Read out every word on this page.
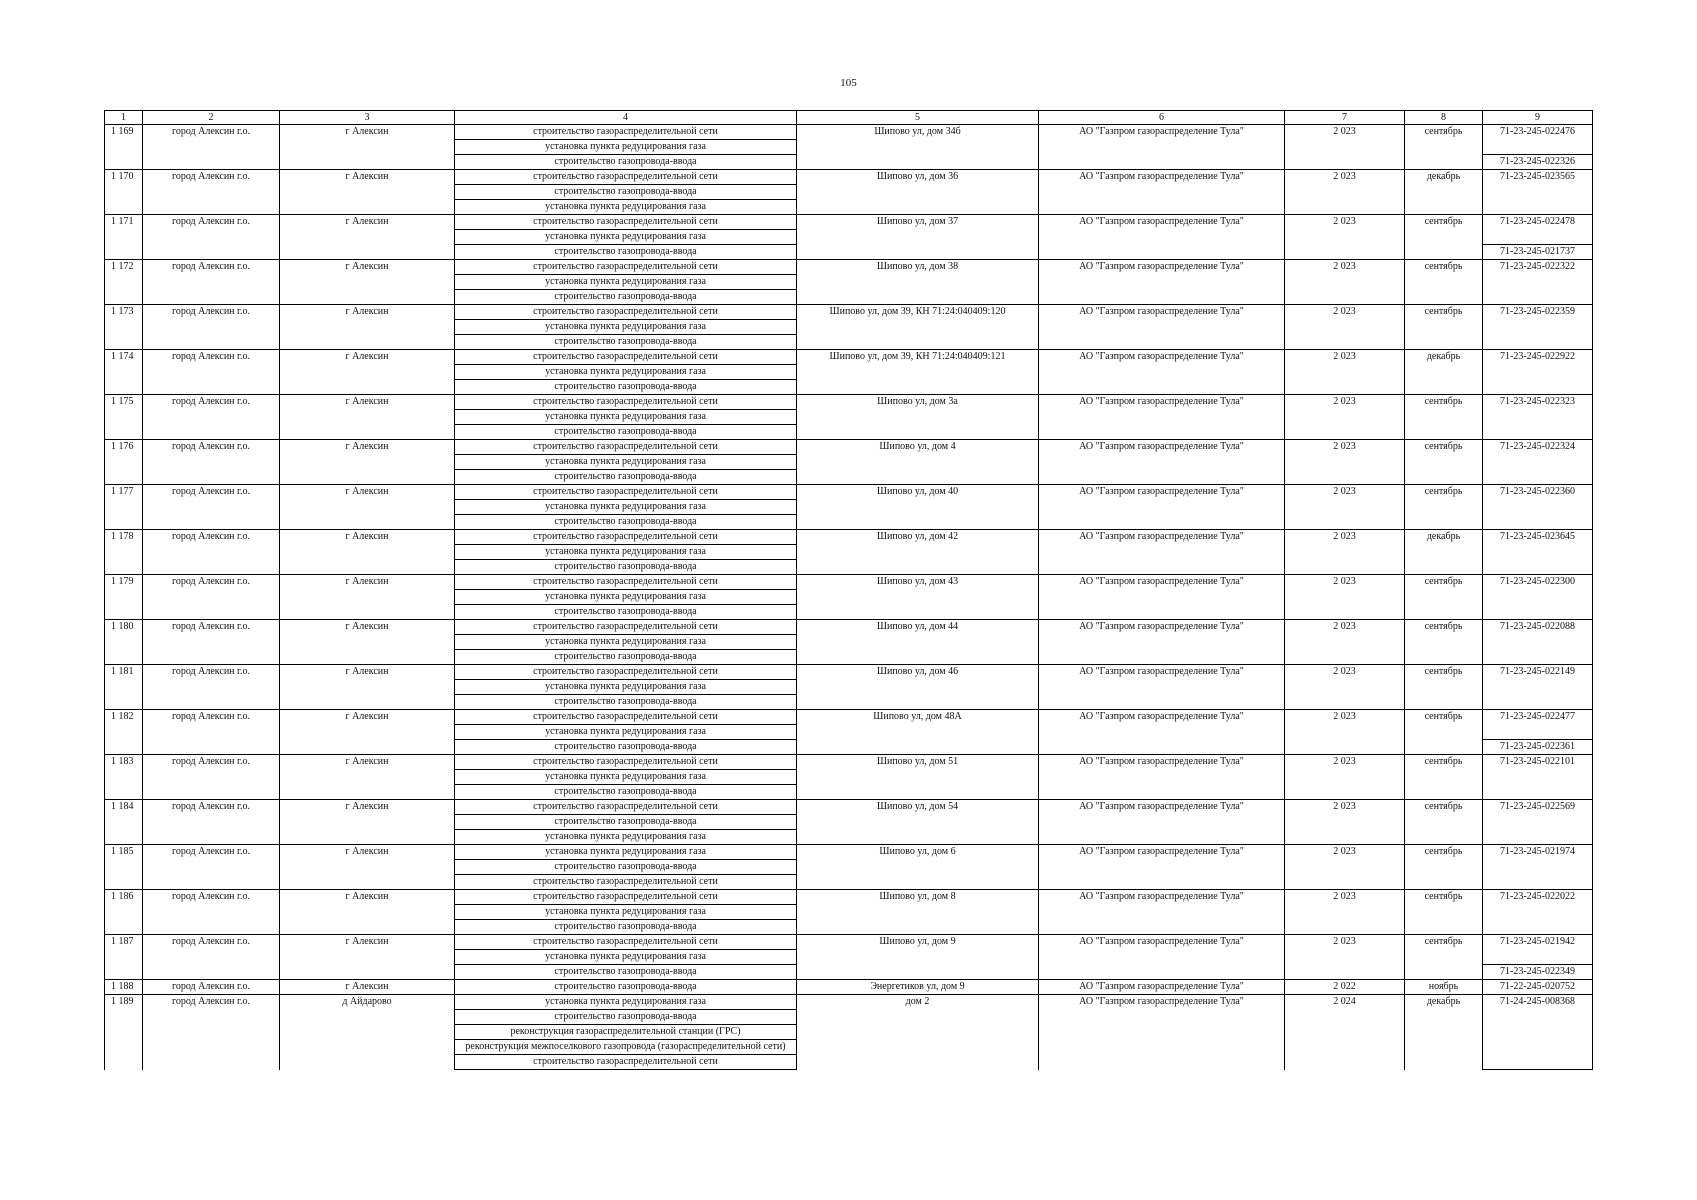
105
1	2	3	4	5	6	7	8	9
1 169	город Алексин г.о.	г Алексин	строительство газораспределительной сети	Шипово ул, дом 34б	АО "Газпром газораспределение Тула"	2 023	сентябрь	71-23-245-022476
			установка пункта редуцирования газа					
			строительство газопровода-ввода					71-23-245-022326
1 170	город Алексин г.о.	г Алексин	строительство газораспределительной сети	Шипово ул, дом 36	АО "Газпром газораспределение Тула"	2 023	декабрь	71-23-245-023565
			строительство газопровода-ввода					
			установка пункта редуцирования газа					
1 171	город Алексин г.о.	г Алексин	строительство газораспределительной сети	Шипово ул, дом 37	АО "Газпром газораспределение Тула"	2 023	сентябрь	71-23-245-022478
			установка пункта редуцирования газа					
			строительство газопровода-ввода					71-23-245-021737
1 172	город Алексин г.о.	г Алексин	строительство газораспределительной сети	Шипово ул, дом 38	АО "Газпром газораспределение Тула"	2 023	сентябрь	71-23-245-022322
			установка пункта редуцирования газа					
			строительство газопровода-ввода					
1 173	город Алексин г.о.	г Алексин	строительство газораспределительной сети	Шипово ул, дом 39, КН 71:24:040409:120	АО "Газпром газораспределение Тула"	2 023	сентябрь	71-23-245-022359
			установка пункта редуцирования газа					
			строительство газопровода-ввода					
1 174	город Алексин г.о.	г Алексин	строительство газораспределительной сети	Шипово ул, дом 39, КН 71:24:040409:121	АО "Газпром газораспределение Тула"	2 023	декабрь	71-23-245-022922
			установка пункта редуцирования газа					
			строительство газопровода-ввода					
1 175	город Алексин г.о.	г Алексин	строительство газораспределительной сети	Шипово ул, дом 3а	АО "Газпром газораспределение Тула"	2 023	сентябрь	71-23-245-022323
			установка пункта редуцирования газа					
			строительство газопровода-ввода					
1 176	город Алексин г.о.	г Алексин	строительство газораспределительной сети	Шипово ул, дом 4	АО "Газпром газораспределение Тула"	2 023	сентябрь	71-23-245-022324
			установка пункта редуцирования газа					
			строительство газопровода-ввода					
1 177	город Алексин г.о.	г Алексин	строительство газораспределительной сети	Шипово ул, дом 40	АО "Газпром газораспределение Тула"	2 023	сентябрь	71-23-245-022360
			установка пункта редуцирования газа					
			строительство газопровода-ввода					
1 178	город Алексин г.о.	г Алексин	строительство газораспределительной сети	Шипово ул, дом 42	АО "Газпром газораспределение Тула"	2 023	декабрь	71-23-245-023645
			установка пункта редуцирования газа					
			строительство газопровода-ввода					
1 179	город Алексин г.о.	г Алексин	строительство газораспределительной сети	Шипово ул, дом 43	АО "Газпром газораспределение Тула"	2 023	сентябрь	71-23-245-022300
			установка пункта редуцирования газа					
			строительство газопровода-ввода					
1 180	город Алексин г.о.	г Алексин	строительство газораспределительной сети	Шипово ул, дом 44	АО "Газпром газораспределение Тула"	2 023	сентябрь	71-23-245-022088
			установка пункта редуцирования газа					
			строительство газопровода-ввода					
1 181	город Алексин г.о.	г Алексин	строительство газораспределительной сети	Шипово ул, дом 46	АО "Газпром газораспределение Тула"	2 023	сентябрь	71-23-245-022149
			установка пункта редуцирования газа					
			строительство газопровода-ввода					
1 182	город Алексин г.о.	г Алексин	строительство газораспределительной сети	Шипово ул, дом 48А	АО "Газпром газораспределение Тула"	2 023	сентябрь	71-23-245-022477
			установка пункта редуцирования газа					
			строительство газопровода-ввода					71-23-245-022361
1 183	город Алексин г.о.	г Алексин	строительство газораспределительной сети	Шипово ул, дом 51	АО "Газпром газораспределение Тула"	2 023	сентябрь	71-23-245-022101
			установка пункта редуцирования газа					
			строительство газопровода-ввода					
1 184	город Алексин г.о.	г Алексин	строительство газораспределительной сети	Шипово ул, дом 54	АО "Газпром газораспределение Тула"	2 023	сентябрь	71-23-245-022569
			строительство газопровода-ввода					
			установка пункта редуцирования газа					
1 185	город Алексин г.о.	г Алексин	установка пункта редуцирования газа	Шипово ул, дом 6	АО "Газпром газораспределение Тула"	2 023	сентябрь	71-23-245-021974
			строительство газопровода-ввода					
			строительство газораспределительной сети					
1 186	город Алексин г.о.	г Алексин	строительство газораспределительной сети	Шипово ул, дом 8	АО "Газпром газораспределение Тула"	2 023	сентябрь	71-23-245-022022
			установка пункта редуцирования газа					
			строительство газопровода-ввода					
1 187	город Алексин г.о.	г Алексин	строительство газораспределительной сети	Шипово ул, дом 9	АО "Газпром газораспределение Тула"	2 023	сентябрь	71-23-245-021942
			установка пункта редуцирования газа					
			строительство газопровода-ввода					71-23-245-022349
1 188	город Алексин г.о.	г Алексин	строительство газопровода-ввода	Энергетиков ул, дом 9	АО "Газпром газораспределение Тула"	2 022	ноябрь	71-22-245-020752
1 189	город Алексин г.о.	д Айдарово	установка пункта редуцирования газа	дом 2	АО "Газпром газораспределение Тула"	2 024	декабрь	71-24-245-008368
			строительство газопровода-ввода					
			реконструкция газораспределительной станции (ГРС)					
			реконструкция межпоселкового газопровода (газораспределительной сети)					
			строительство газораспределительной сети					
